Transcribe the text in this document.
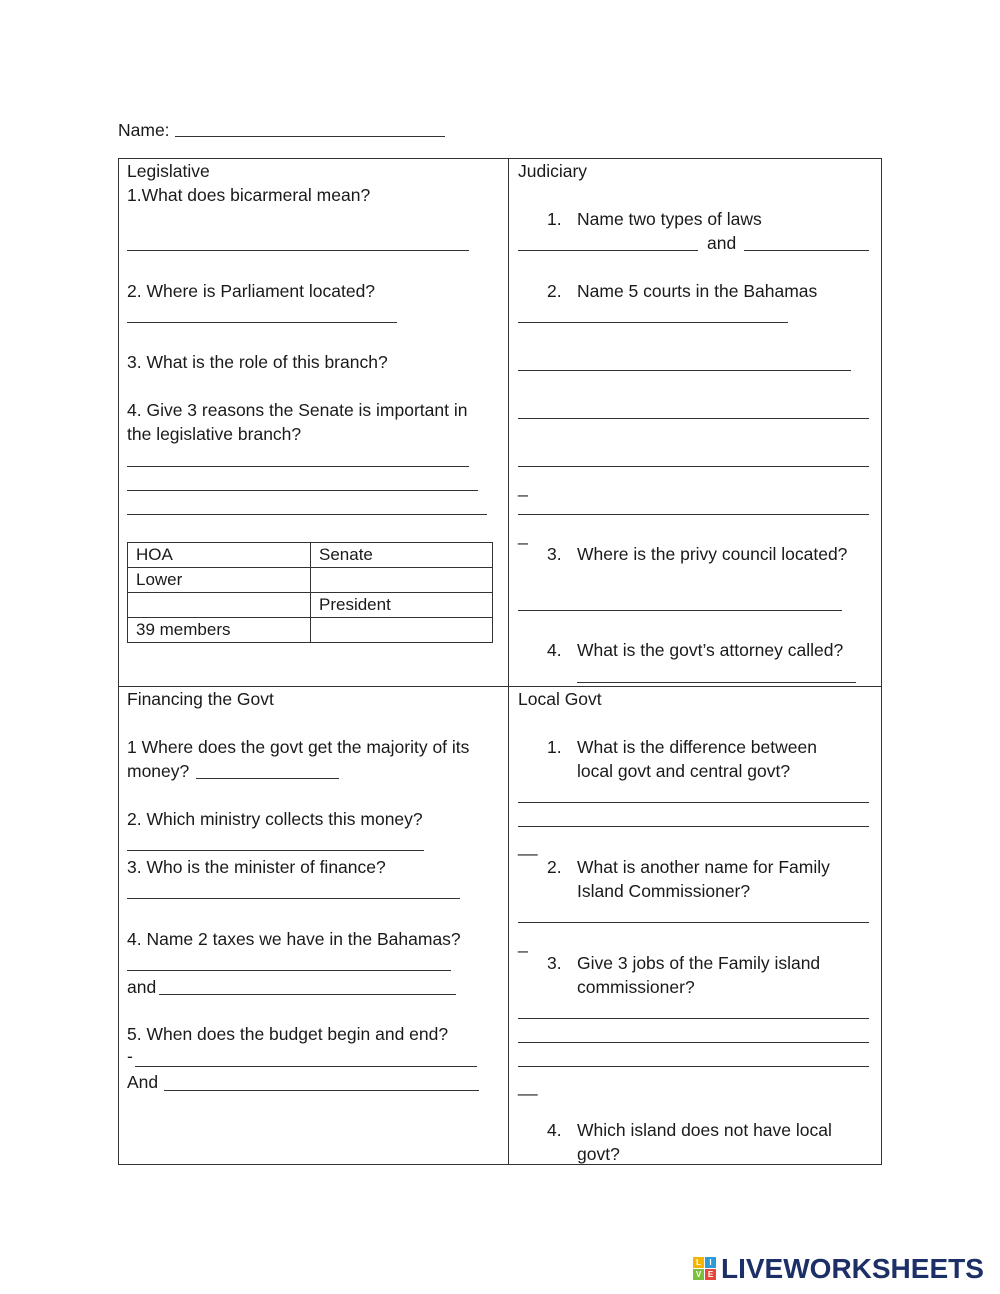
Name:
Legislative
1.What does bicarmeral mean?
2. Where is Parliament located?
3. What is the role of this branch?
4. Give 3 reasons the Senate is important in
the legislative branch?
HOA	Senate
Lower	
	President
39 members	
Judiciary
1. Name two types of laws
and
2. Name 5 courts in the Bahamas
_
_
3. Where is the privy council located?
4. What is the govt’s attorney called?
Financing the Govt
1 Where does the govt get the majority of its
money?
2. Which ministry collects this money?
3. Who is the minister of finance?
4. Name 2 taxes we have in the Bahamas?
and
5. When does the budget begin and end?
-
And
Local Govt
1. What is the difference between
local govt and central govt?
__
2. What is another name for Family
Island Commissioner?
_
3. Give 3 jobs of the Family island
commissioner?
__
4. Which island does not have local
govt?
L	I
V E LIVEWORKSHEETS
